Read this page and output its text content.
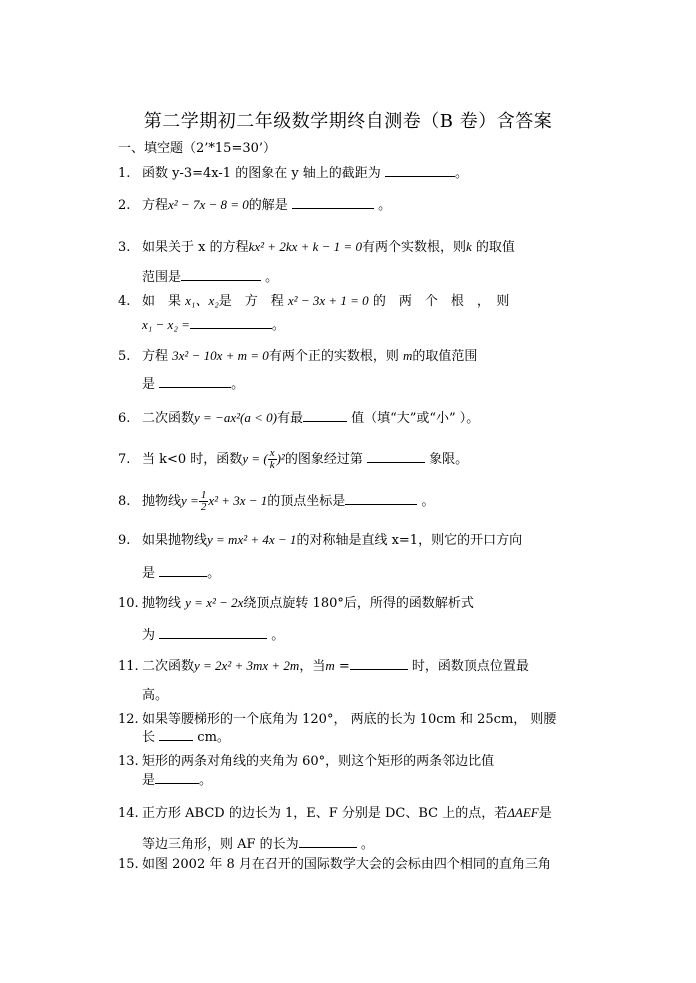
第二学期初二年级数学期终自测卷（B 卷）含答案
一、填空题（2’*15=30’）
1. 函数 y-3=4x-1 的图象在 y 轴上的截距为	。
2. 方程x² − 7x − 8 = 0的解是	。
3. 如果关于 x 的方程kx² + 2kx + k − 1 = 0有两个实数根，则k 的取值
范围是	。
4. 如　果 x₁、x₂是　方　程 x² − 3x + 1 = 0 的　两　个　根　，　则
x₁ − x₂ =	。
5. 方程 3x² − 10x + m = 0有两个正的实数根，则 m的取值范围
是	。
6. 二次函数y = −ax²(a < 0)有最	值（填“大”或“小” ）。
7. 当 k<0 时，函数y = ( $\frac{x}{k} )^2$的图象经过第	象限。
8. 抛物线$y = \frac{1}{2} x^2 + 3x - 1$的顶点坐标是	。
9. 如果抛物线y = mx² + 4x − 1的对称轴是直线 x=1，则它的开口方向
是	。
10. 抛物线 y = x² − 2x绕顶点旋转 180°后，所得的函数解析式
为	。
11. 二次函数y = 2x² + 3mx + 2m，当m =	时，函数顶点位置最
高。
12. 如果等腰梯形的一个底角为 120°， 两底的长为 10cm 和 25cm， 则腰
长	cm。
13. 矩形的两条对角线的夹角为 60°，则这个矩形的两条邻边比值
是	。
14. 正方形 ABCD 的边长为 1，E、F 分别是 DC、BC 上的点，若ΔAEF是
等边三角形，则 AF 的长为	。
15. 如图 2002 年 8 月在召开的国际数学大会的会标由四个相同的直角三角
